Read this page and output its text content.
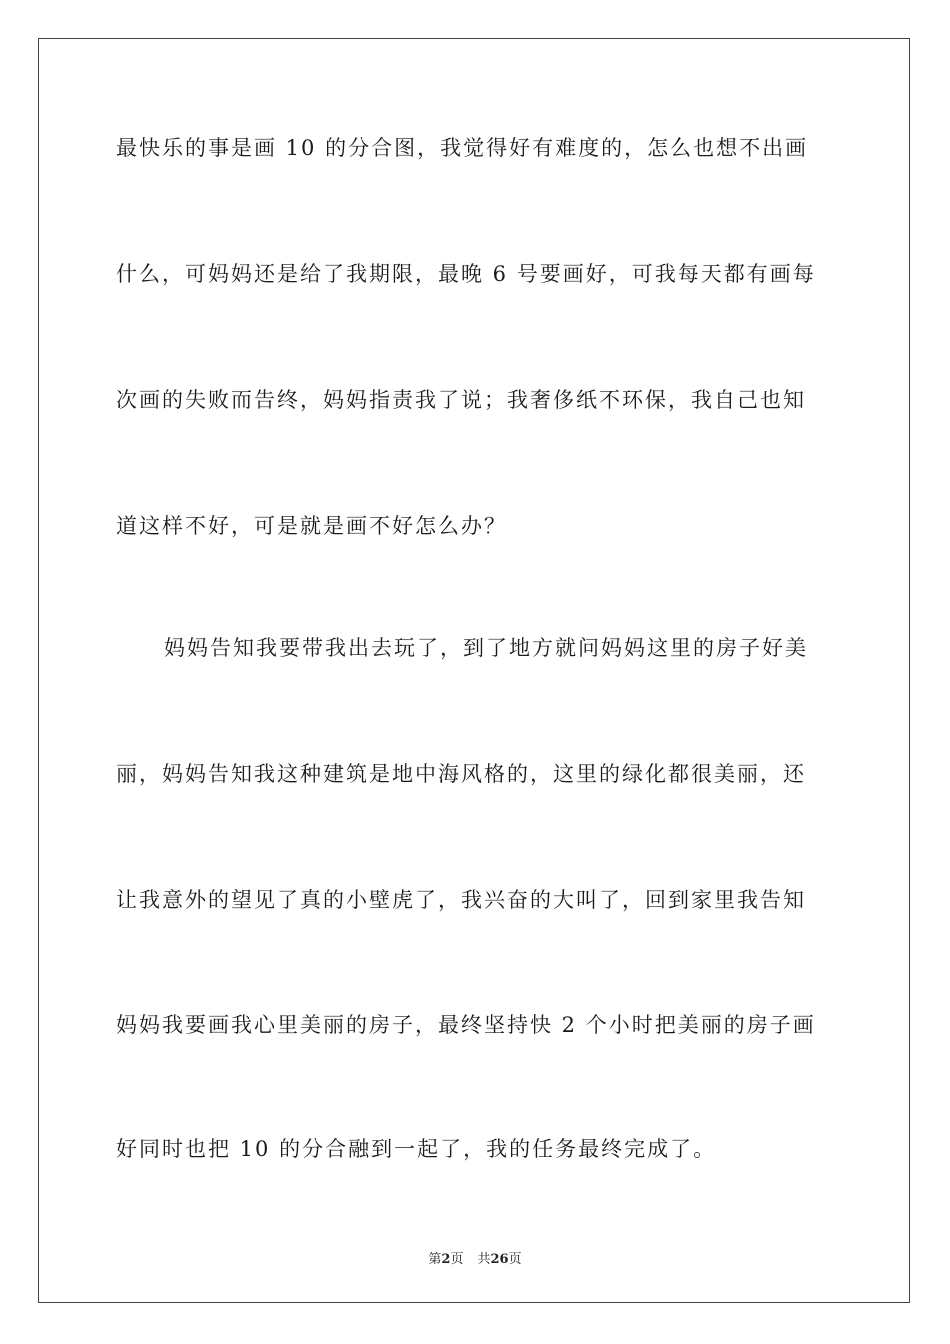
最快乐的事是画 10 的分合图，我觉得好有难度的，怎么也想不出画
什么，可妈妈还是给了我期限，最晚 6 号要画好，可我每天都有画每
次画的失败而告终，妈妈指责我了说；我奢侈纸不环保，我自己也知
道这样不好，可是就是画不好怎么办？
妈妈告知我要带我出去玩了，到了地方就问妈妈这里的房子好美
丽，妈妈告知我这种建筑是地中海风格的，这里的绿化都很美丽，还
让我意外的望见了真的小壁虎了，我兴奋的大叫了，回到家里我告知
妈妈我要画我心里美丽的房子，最终坚持快 2 个小时把美丽的房子画
好同时也把 10 的分合融到一起了，我的任务最终完成了。
第2页 共26页
